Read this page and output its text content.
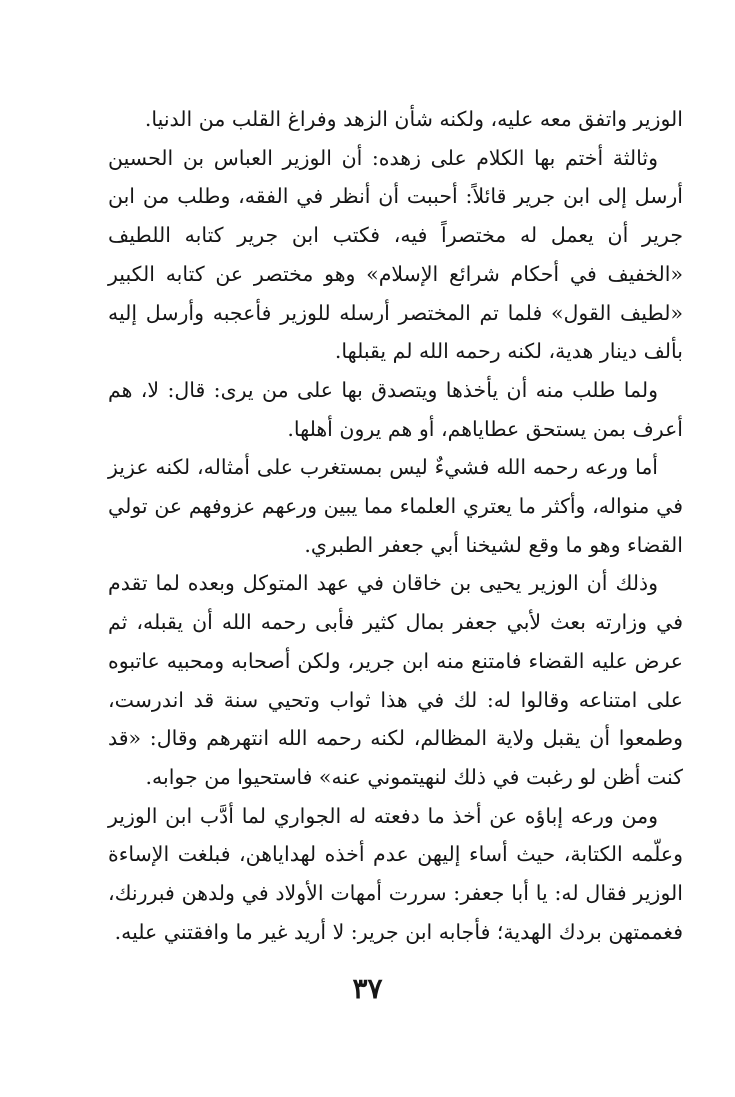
الوزير واتفق معه عليه، ولكنه شأن الزهد وفراغ القلب من الدنيا.

وثالثة أختم بها الكلام على زهده: أن الوزير العباس بن الحسين أرسل إلى ابن جرير قائلاً: أحببت أن أنظر في الفقه، وطلب من ابن جرير أن يعمل له مختصراً فيه، فكتب ابن جرير كتابه اللطيف «الخفيف في أحكام شرائع الإسلام» وهو مختصر عن كتابه الكبير «لطيف القول» فلما تم المختصر أرسله للوزير فأعجبه وأرسل إليه بألف دينار هدية، لكنه رحمه الله لم يقبلها.

ولما طلب منه أن يأخذها ويتصدق بها على من يرى: قال: لا، هم أعرف بمن يستحق عطاياهم، أو هم يرون أهلها.

أما ورعه رحمه الله فشيءٌ ليس بمستغرب على أمثاله، لكنه عزيز في منواله، وأكثر ما يعتري العلماء مما يبين ورعهم عزوفهم عن تولي القضاء وهو ما وقع لشيخنا أبي جعفر الطبري.

وذلك أن الوزير يحيى بن خاقان في عهد المتوكل وبعده لما تقدم في وزارته بعث لأبي جعفر بمال كثير فأبى رحمه الله أن يقبله، ثم عرض عليه القضاء فامتنع منه ابن جرير، ولكن أصحابه ومحبيه عاتبوه على امتناعه وقالوا له: لك في هذا ثواب وتحيي سنة قد اندرست، وطمعوا أن يقبل ولاية المظالم، لكنه رحمه الله انتهرهم وقال: «قد كنت أظن لو رغبت في ذلك لنهيتموني عنه» فاستحيوا من جوابه.

ومن ورعه إباؤه عن أخذ ما دفعته له الجواري لما أدَّب ابن الوزير وعلّمه الكتابة، حيث أساء إليهن عدم أخذه لهداياهن، فبلغت الإساءة الوزير فقال له: يا أبا جعفر: سررت أمهات الأولاد في ولدهن فبررنك، فغممتهن بردك الهدية؛ فأجابه ابن جرير: لا أريد غير ما وافقتني عليه.

٣٧
